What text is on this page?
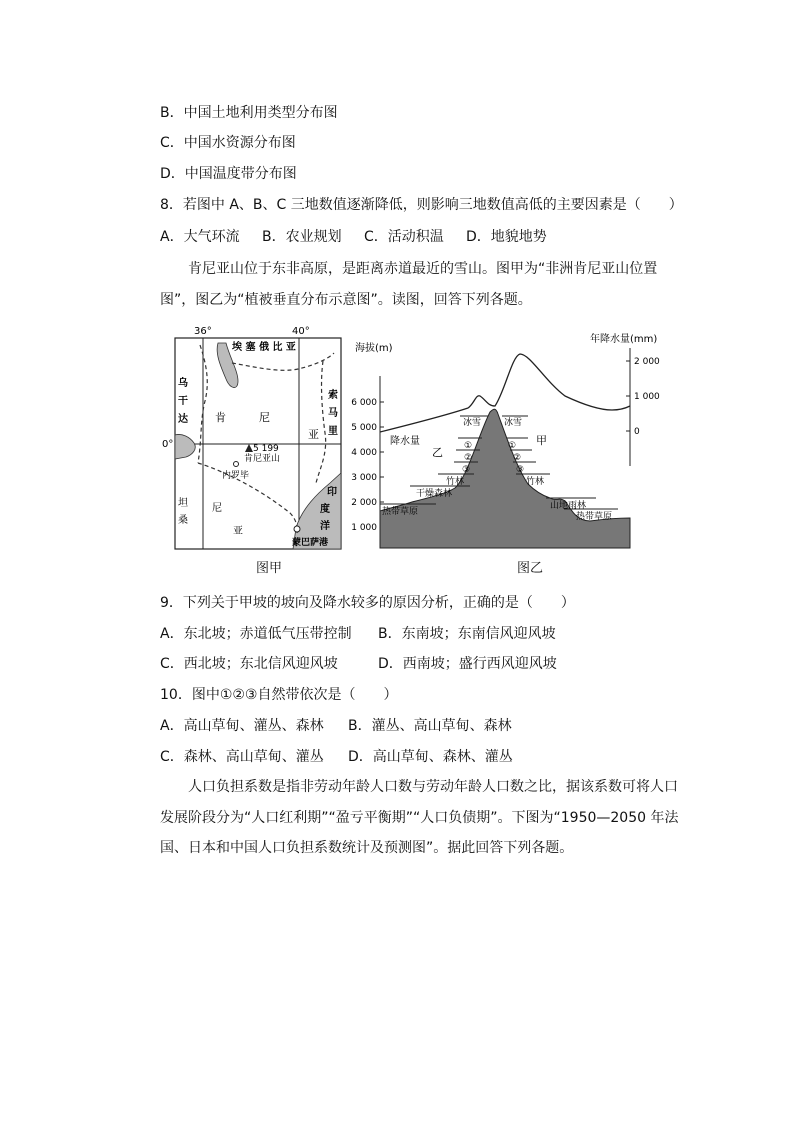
B．中国土地利用类型分布图
C．中国水资源分布图
D．中国温度带分布图
8．若图中 A、B、C 三地数值逐渐降低，则影响三地数值高低的主要因素是（　　）
A．大气环流 B．农业规划 C．活动积温 D．地貌地势
肯尼亚山位于东非高原，是距离赤道最近的雪山。图甲为“非洲肯尼亚山位置图”，图乙为“植被垂直分布示意图”。读图，回答下列各题。
36°	40°
0°
埃 塞 俄 比 亚
乌
干
达 肯	尼
亚
索
马
里
5 199
肯尼亚山
内罗毕
坦
桑
尼
亚
印
度
洋
蒙巴萨港
图甲
海拔(m)
年降水量(mm)
6 000
5 000
4 000
3 000
2 000
1 000
2 000
1 000
0
降水量
乙
甲
冰雪	冰雪
①
②
③
①
②
③
竹林	竹林
干燥森林
山地雨林
热带草原	热带草原
图乙
9．下列关于甲坡的坡向及降水较多的原因分析，正确的是（　　）
A．东北坡；赤道低气压带控制 B．东南坡；东南信风迎风坡
C．西北坡；东北信风迎风坡	D．西南坡；盛行西风迎风坡
10．图中①②③自然带依次是（　　）
A．高山草甸、灌丛、森林 B．灌丛、高山草甸、森林
C．森林、高山草甸、灌丛 D．高山草甸、森林、灌丛
人口负担系数是指非劳动年龄人口数与劳动年龄人口数之比，据该系数可将人口发展阶段分为“人口红利期”“盈亏平衡期”“人口负债期”。下图为“1950—2050 年法国、日本和中国人口负担系数统计及预测图”。据此回答下列各题。
